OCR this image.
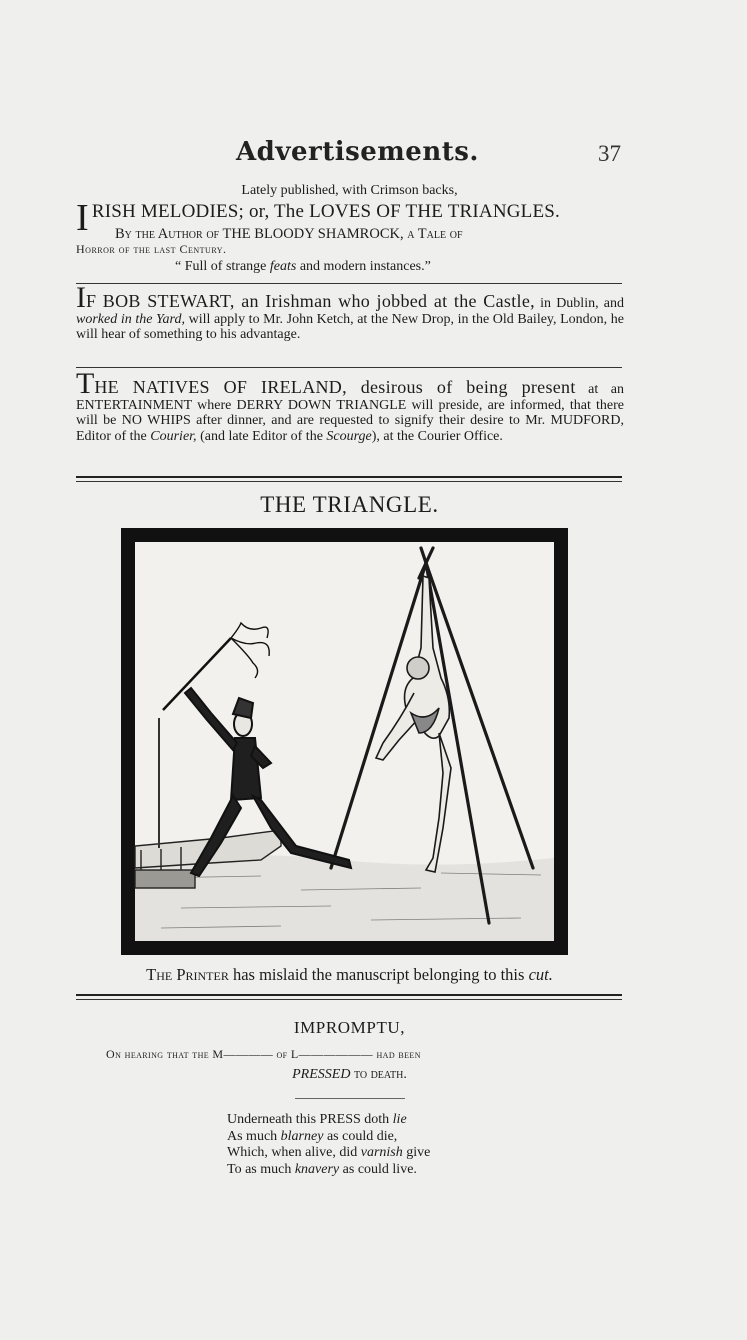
Advertisements.	37
Lately published, with Crimson backs,
IRISH MELODIES; or, The LOVES OF THE TRIANGLES.
By the Author of THE BLOODY SHAMROCK, a Tale of
Horror of the last Century.
“ Full of strange feats and modern instances.”
IF BOB STEWART, an Irishman who jobbed at the Castle, in Dublin, and worked in the Yard, will apply to Mr. John Ketch, at the New Drop, in the Old Bailey, London, he will hear of something to his advantage.
THE NATIVES OF IRELAND, desirous of being present at an ENTERTAINMENT where DERRY DOWN TRIANGLE will preside, are informed, that there will be NO WHIPS after dinner, and are requested to signify their desire to Mr. MUDFORD, Editor of the Courier, (and late Editor of the Scourge), at the Courier Office.
THE TRIANGLE.
The Printer has mislaid the manuscript belonging to this cut.
IMPROMPTU,
On hearing that the M———— of L—————— had been
PRESSED to death.
Underneath this PRESS doth lie
As much blarney as could die,
Which, when alive, did varnish give
To as much knavery as could live.
